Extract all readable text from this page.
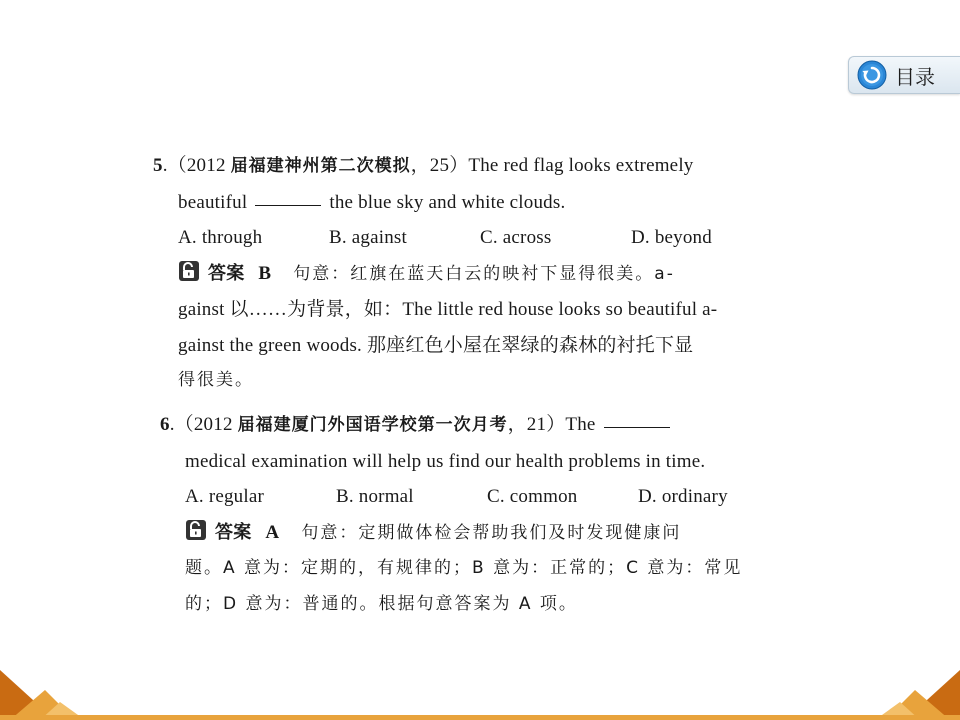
目录
5.（2012 届福建神州第二次模拟，25）The red flag looks extremely
beautiful	the blue sky and white clouds.
A. through	B. against	C. across	D. beyond
答案 B 句意：红旗在蓝天白云的映衬下显得很美。a-
gainst 以……为背景，如：The little red house looks so beautiful a-
gainst the green woods. 那座红色小屋在翠绿的森林的衬托下显
得很美。
6.（2012 届福建厦门外国语学校第一次月考，21）The
medical examination will help us find our health problems in time.
A. regular	B. normal	C. common	D. ordinary
答案 A 句意：定期做体检会帮助我们及时发现健康问
题。A 意为：定期的，有规律的；B 意为：正常的；C 意为：常见
的；D 意为：普通的。根据句意答案为 A 项。
